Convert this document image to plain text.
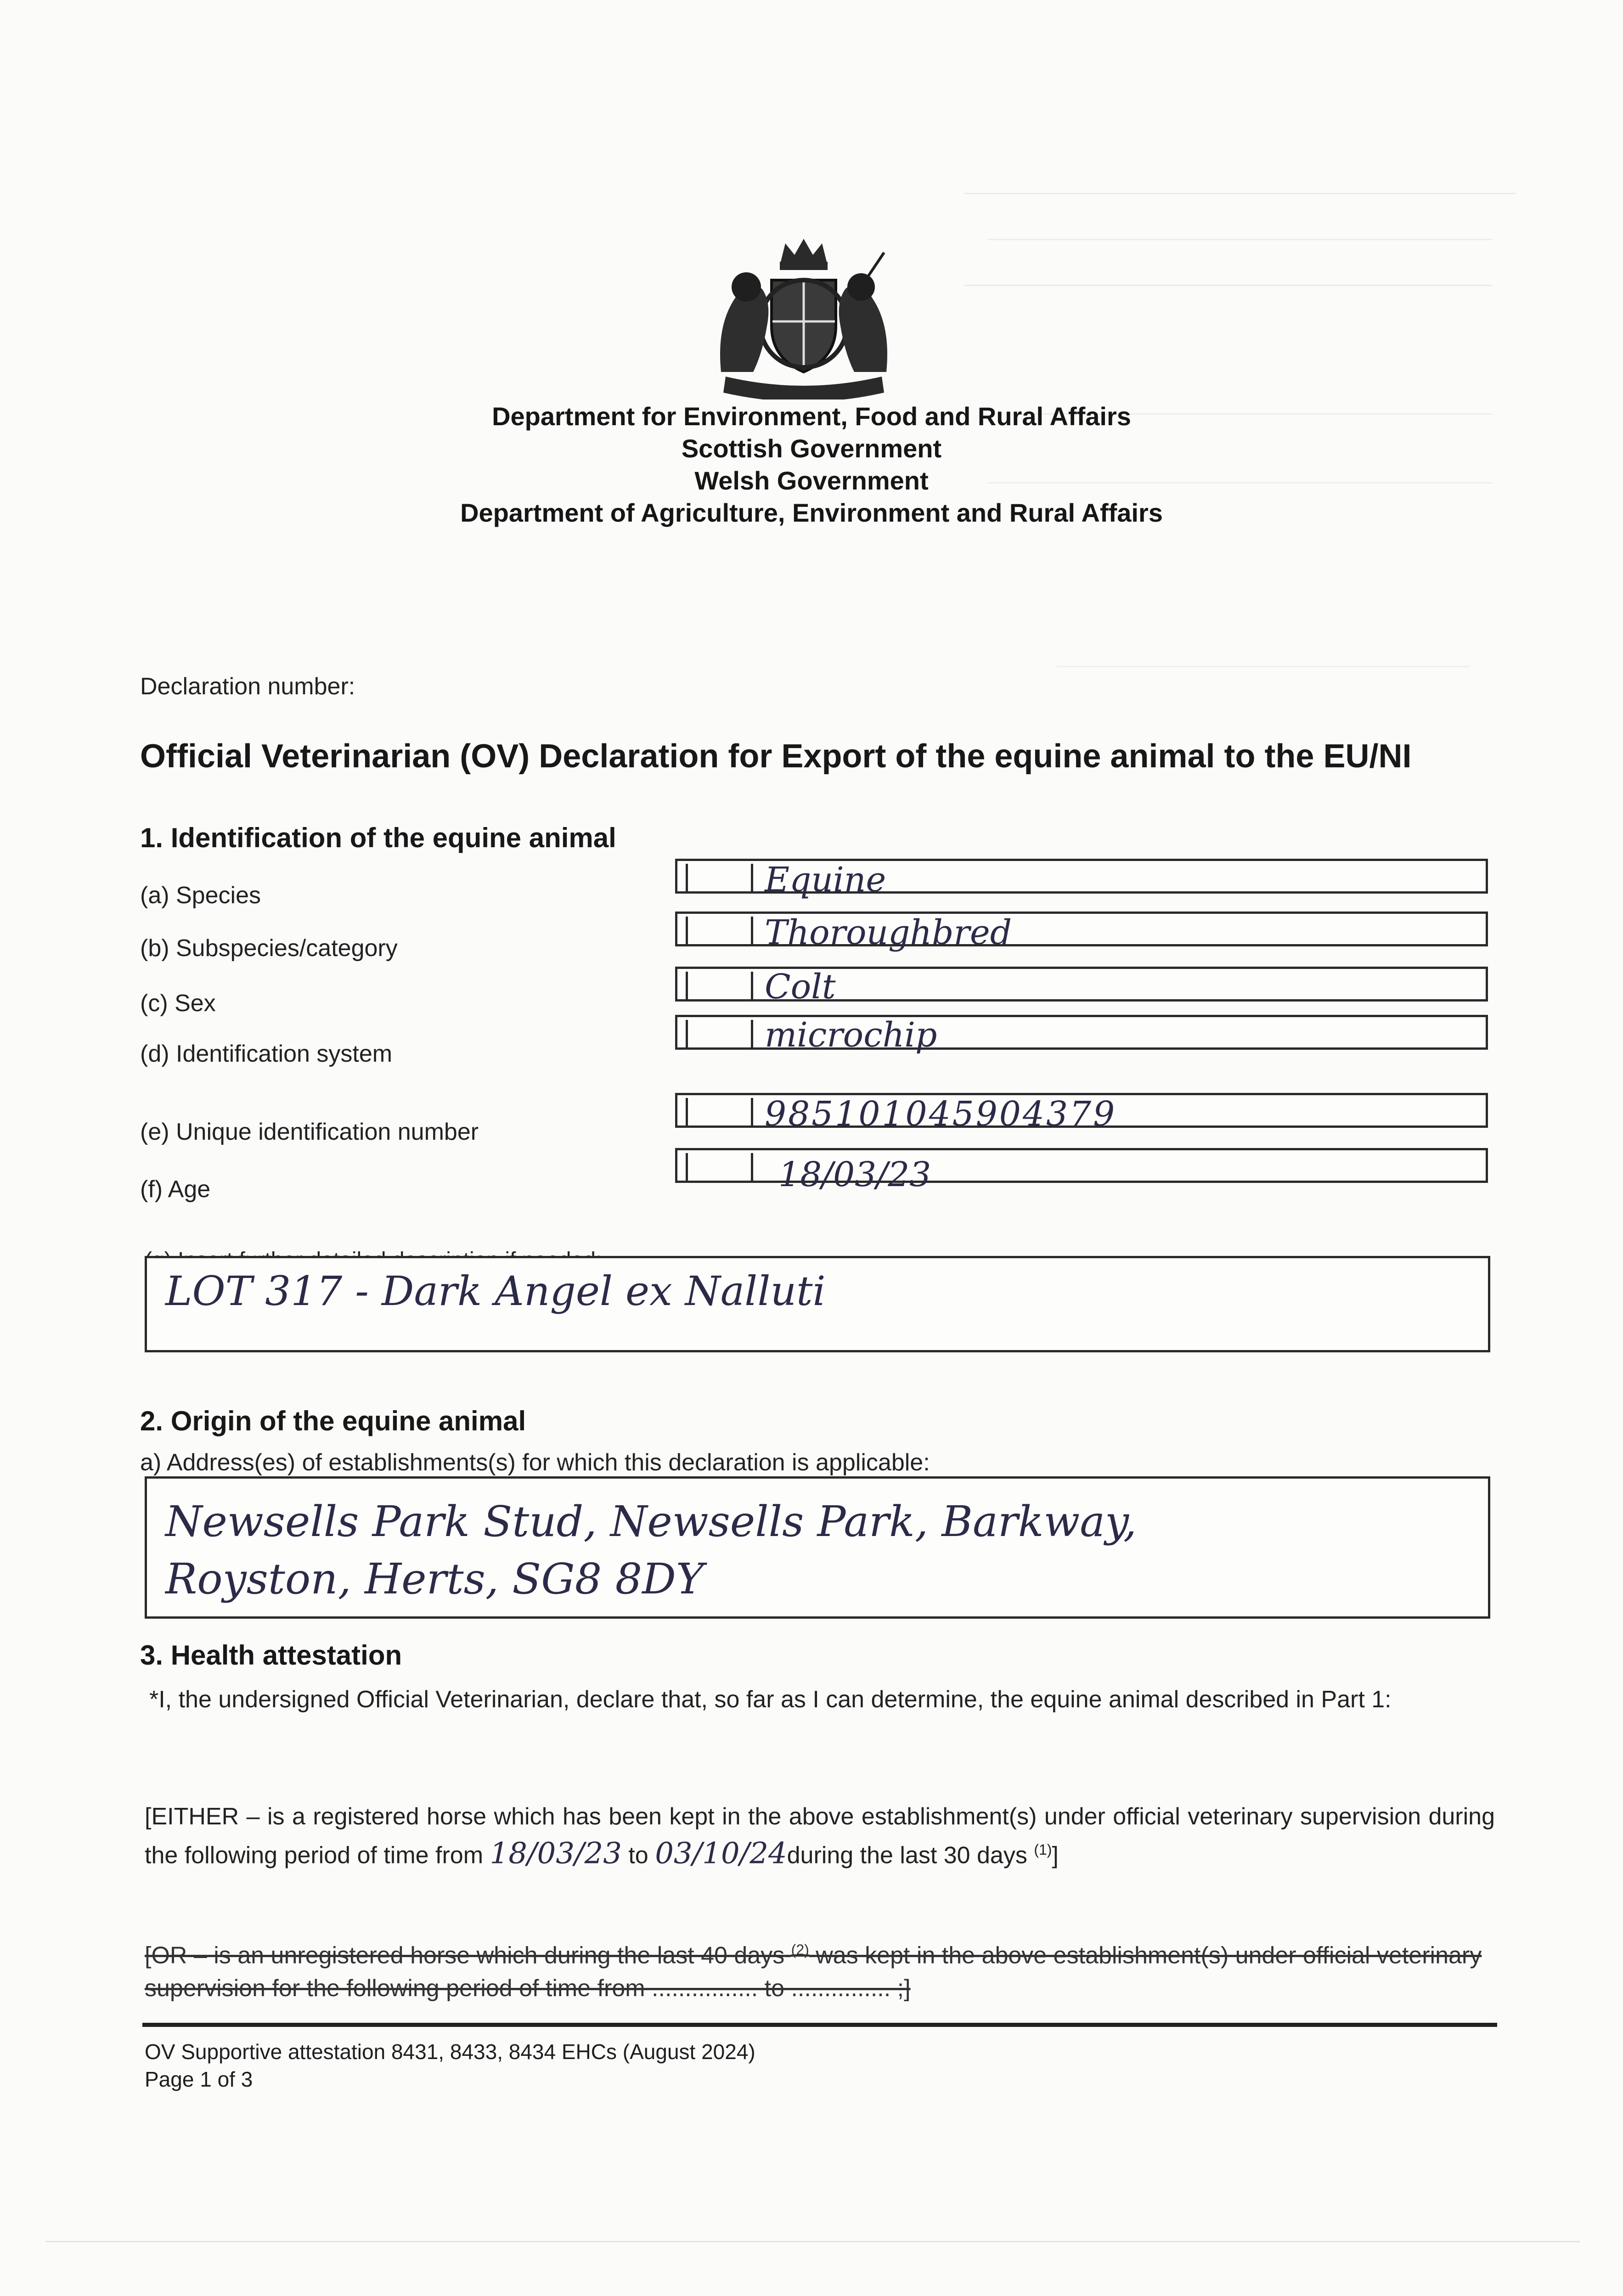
Department for Environment, Food and Rural Affairs
Scottish Government
Welsh Government
Department of Agriculture, Environment and Rural Affairs
Declaration number:
Official Veterinarian (OV) Declaration for Export of the equine animal to the EU/NI
1. Identification of the equine animal
(a) Species	Equine
(b) Subspecies/category	Thoroughbred
(c) Sex	Colt
(d) Identification system	microchip
(e) Unique identification number	985101045904379
(f) Age	18/03/23
LOT 317 - Dark Angel ex Nalluti
2. Origin of the equine animal
a) Address(es) of establishments(s) for which this declaration is applicable:
Newsells Park Stud, Newsells Park, Barkway,
Royston, Herts, SG8 8DY
3. Health attestation
*I, the undersigned Official Veterinarian, declare that, so far as I can determine, the equine animal described in Part 1:
[EITHER – is a registered horse which has been kept in the above establishment(s) under official veterinary supervision during the following period of time from 18/03/23 to 03/10/24during the last 30 days $^{(1)}$]
[OR – is an unregistered horse which during the last 40 days $^{(2)}$ was kept in the above establishment(s) under official veterinary supervision for the following period of time from ................ to ............... ;]
OV Supportive attestation 8431, 8433, 8434 EHCs (August 2024)
Page 1 of 3
